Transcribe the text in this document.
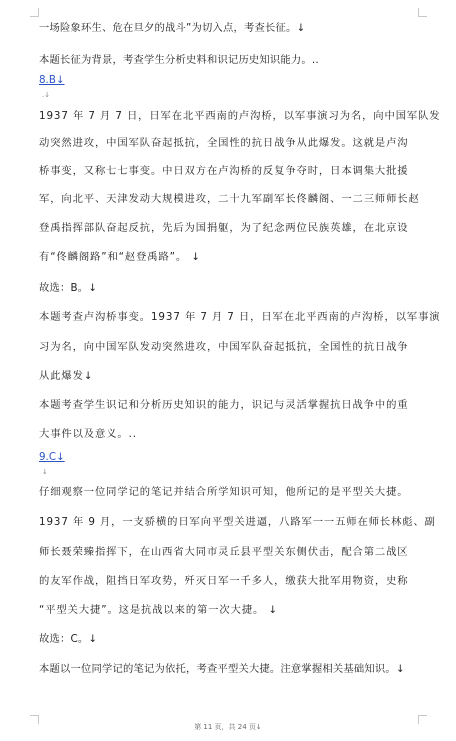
一场险象环生、危在旦夕的战斗”为切入点，考查长征。↓
本题长征为背景，考查学生分析史料和识记历史知识能力。..
8.B↓
.↓
1937 年 7 月 7 日，日军在北平西南的卢沟桥，以军事演习为名，向中国军队发
动突然进攻，中国军队奋起抵抗，全国性的抗日战争从此爆发。这就是卢沟
桥事变，又称七七事变。中日双方在卢沟桥的反复争夺时，日本调集大批援
军，向北平、天津发动大规模进攻，二十九军副军长佟麟阁、一二三师师长赵
登禹指挥部队奋起反抗，先后为国捐躯，为了纪念两位民族英雄，在北京设
有“佟麟阁路”和“赵登禹路”。 ↓
故选：B。↓
本题考查卢沟桥事变。1937 年 7 月 7 日，日军在北平西南的卢沟桥，以军事演
习为名，向中国军队发动突然进攻，中国军队奋起抵抗，全国性的抗日战争
从此爆发↓
本题考查学生识记和分析历史知识的能力，识记与灵活掌握抗日战争中的重
大事件以及意义。..
9.C↓
↓
仔细观察一位同学记的笔记并结合所学知识可知，他所记的是平型关大捷。
1937 年 9 月，一支骄横的日军向平型关进逼，八路军一一五师在师长林彪、副
师长聂荣臻指挥下，在山西省大同市灵丘县平型关东侧伏击，配合第二战区
的友军作战，阻挡日军攻势，歼灭日军一千多人，缴获大批军用物资，史称
“平型关大捷”。这是抗战以来的第一次大捷。 ↓
故选：C。↓
本题以一位同学记的笔记为依托，考查平型关大捷。注意掌握相关基础知识。↓
第 11 页，共 24 页↓
